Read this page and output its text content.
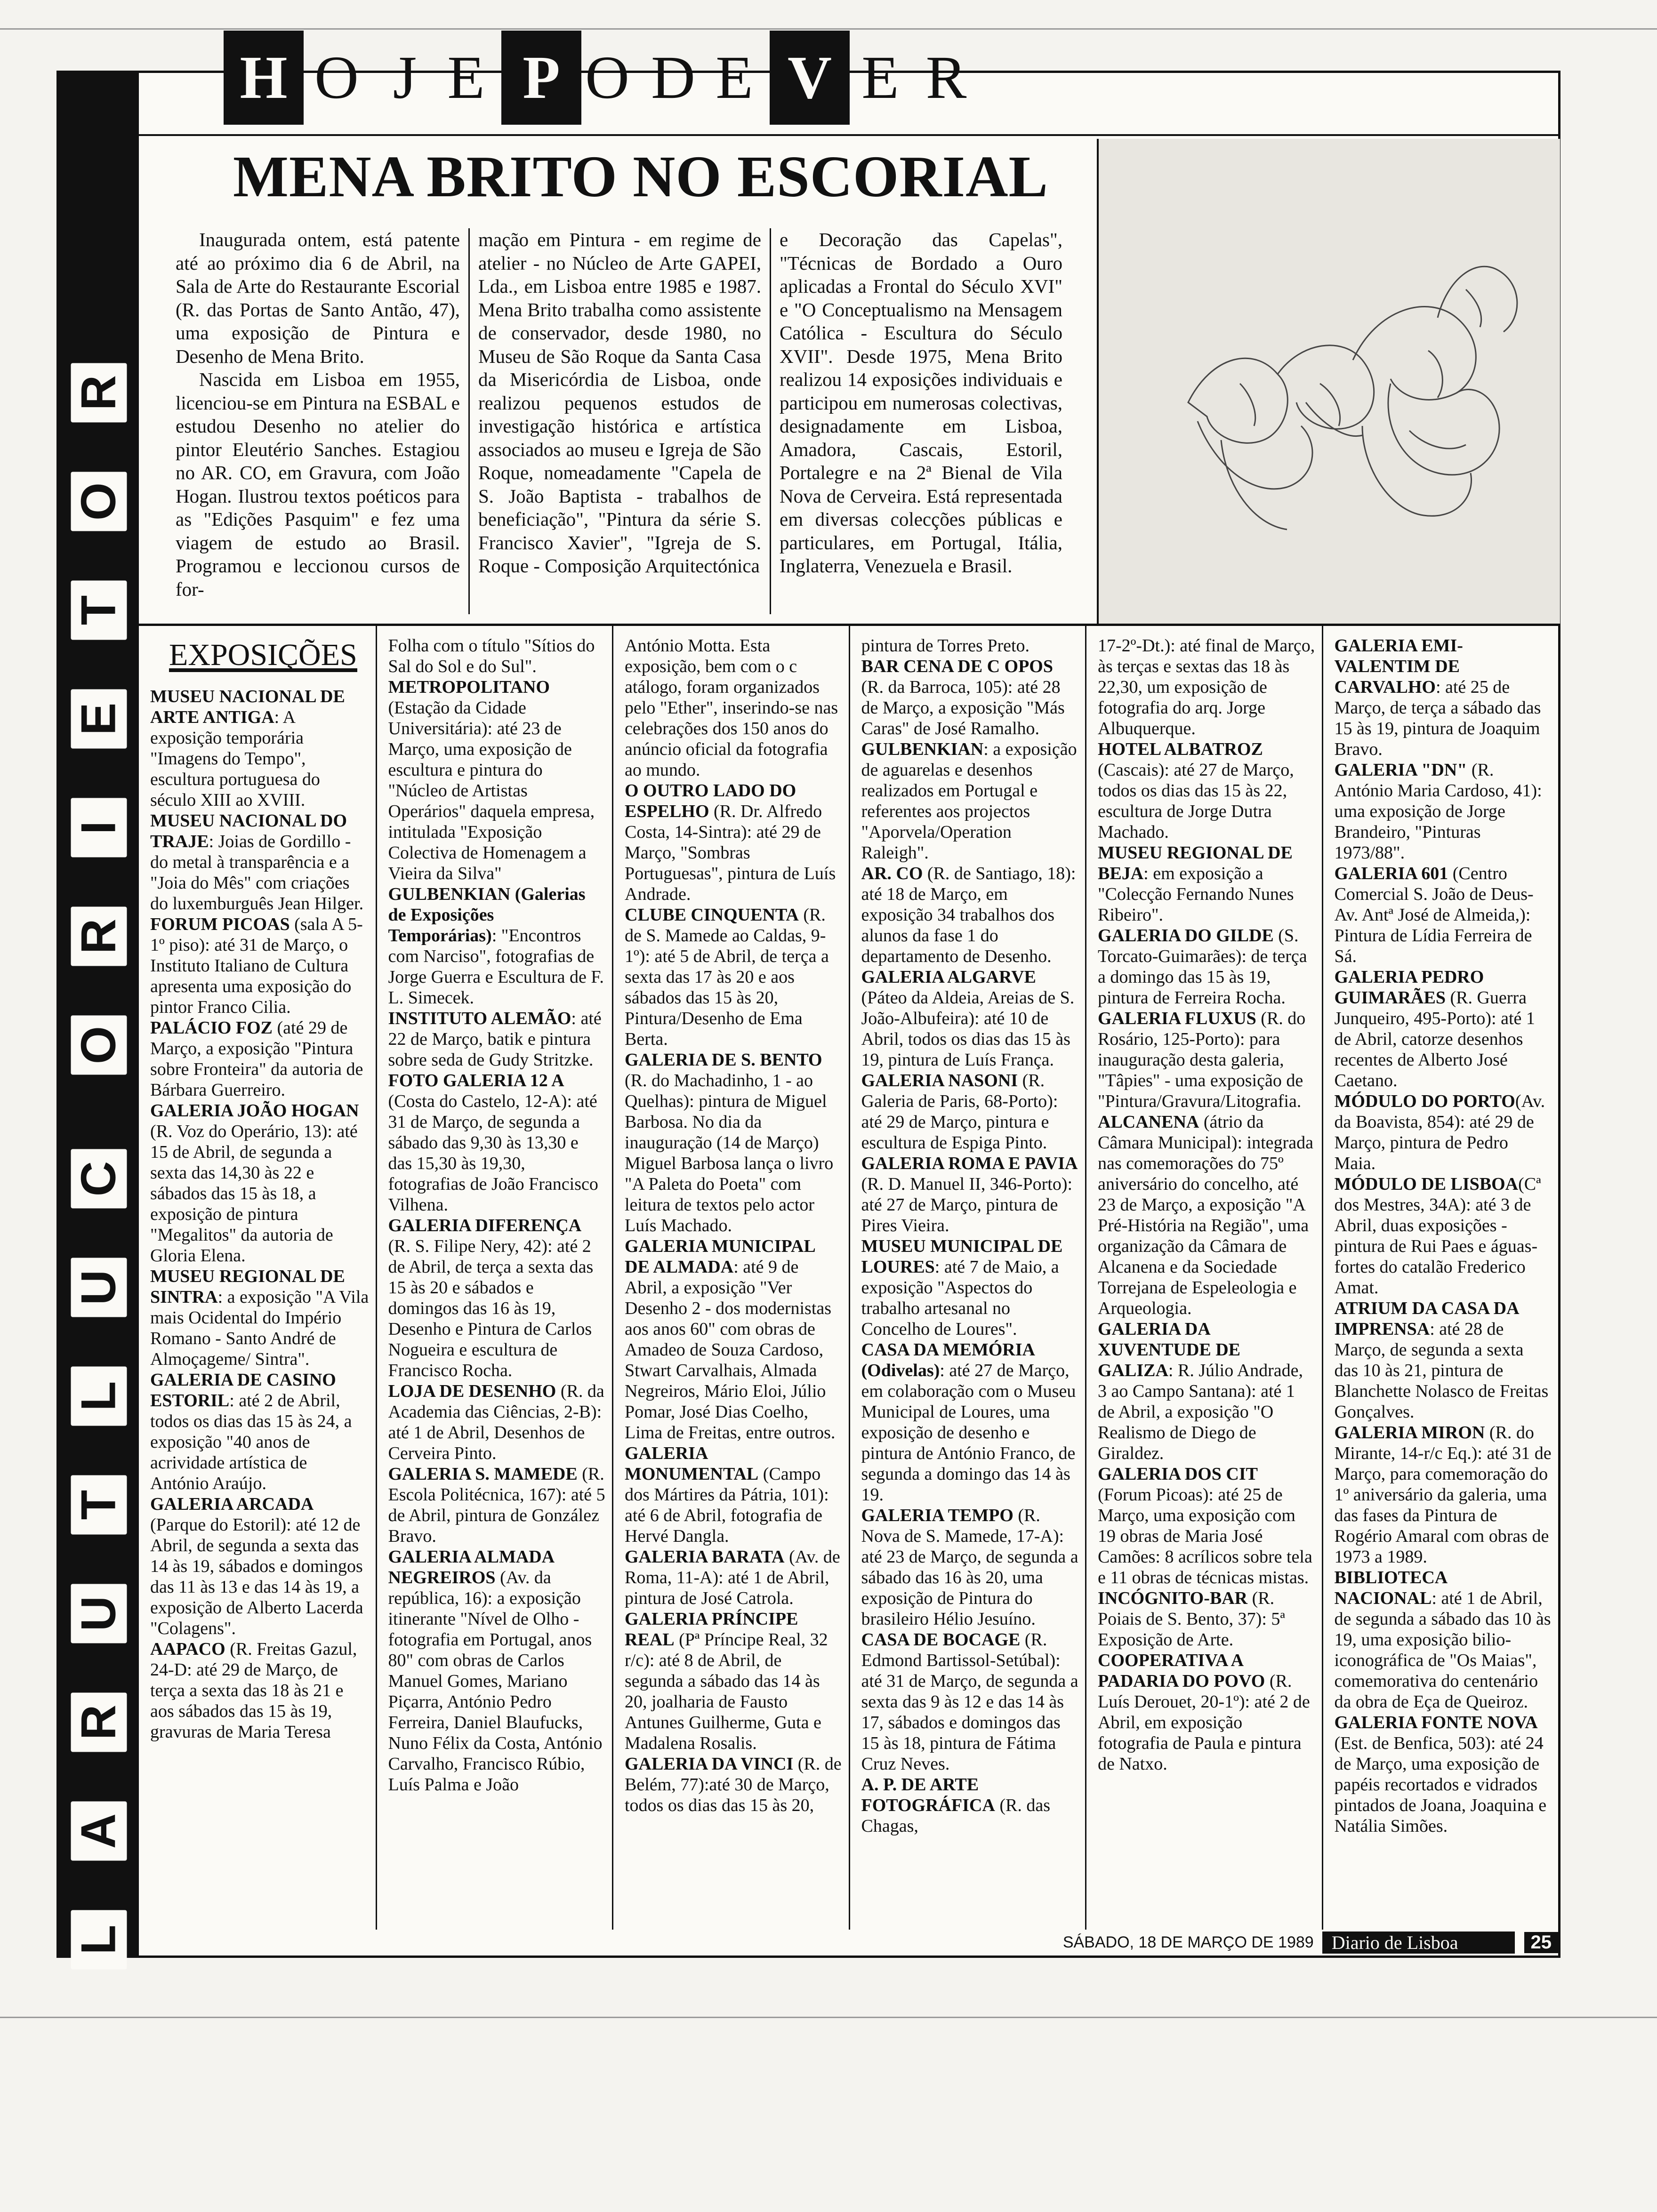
R
O
T
E
I
R
O
C
U
L
T
U
R
A
L
H O J E P O D E V E R
MENA BRITO NO ESCORIAL

Inaugurada ontem, está patente até ao próximo dia 6 de Abril, na Sala de Arte do Restaurante Escorial (R. das Portas de Santo Antão, 47), uma exposição de Pintura e Desenho de Mena Brito.

Nascida em Lisboa em 1955, licenciou-se em Pintura na ESBAL e estudou Desenho no atelier do pintor Eleutério Sanches. Estagiou no AR. CO, em Gravura, com João Hogan. Ilustrou textos poéticos para as "Edições Pasquim" e fez uma viagem de estudo ao Brasil. Programou e leccionou cursos de for-

mação em Pintura - em regime de atelier - no Núcleo de Arte GAPEI, Lda., em Lisboa entre 1985 e 1987. Mena Brito trabalha como assistente de conservador, desde 1980, no Museu de São Roque da Santa Casa da Misericórdia de Lisboa, onde realizou pequenos estudos de investigação histórica e artística associados ao museu e Igreja de São Roque, nomeadamente "Capela de S. João Baptista - trabalhos de beneficiação", "Pintura da série S. Francisco Xavier", "Igreja de S. Roque - Composição Arquitectónica

e Decoração das Capelas", "Técnicas de Bordado a Ouro aplicadas a Frontal do Século XVI" e "O Conceptualismo na Mensagem Católica - Escultura do Século XVII". Desde 1975, Mena Brito realizou 14 exposições individuais e participou em numerosas colectivas, designadamente em Lisboa, Amadora, Cascais, Estoril, Portalegre e na 2ª Bienal de Vila Nova de Cerveira. Está representada em diversas colecções públicas e particulares, em Portugal, Itália, Inglaterra, Venezuela e Brasil.

EXPOSIÇÕES

MUSEU NACIONAL DE ARTE ANTIGA: A exposição temporária "Imagens do Tempo", escultura portuguesa do século XIII ao XVIII.

MUSEU NACIONAL DO TRAJE: Joias de Gordillo - do metal à transparência e a "Joia do Mês" com criações do luxemburguês Jean Hilger.

FORUM PICOAS (sala A 5-1º piso): até 31 de Março, o Instituto Italiano de Cultura apresenta uma exposição do pintor Franco Cilia.

PALÁCIO FOZ (até 29 de Março, a exposição "Pintura sobre Fronteira" da autoria de Bárbara Guerreiro.

GALERIA JOÃO HOGAN (R. Voz do Operário, 13): até 15 de Abril, de segunda a sexta das 14,30 às 22 e sábados das 15 às 18, a exposição de pintura "Megalitos" da autoria de Gloria Elena.

MUSEU REGIONAL DE SINTRA: a exposição "A Vila mais Ocidental do Império Romano - Santo André de Almoçageme/ Sintra".

GALERIA DE CASINO ESTORIL: até 2 de Abril, todos os dias das 15 às 24, a exposição "40 anos de acrividade artística de António Araújo.

GALERIA ARCADA (Parque do Estoril): até 12 de Abril, de segunda a sexta das 14 às 19, sábados e domingos das 11 às 13 e das 14 às 19, a exposição de Alberto Lacerda "Colagens".

AAPACO (R. Freitas Gazul, 24-D: até 29 de Março, de terça a sexta das 18 às 21 e aos sábados das 15 às 19, gravuras de Maria Teresa

Folha com o título "Sítios do Sal do Sol e do Sul".

METROPOLITANO (Estação da Cidade Universitária): até 23 de Março, uma exposição de escultura e pintura do "Núcleo de Artistas Operários" daquela empresa, intitulada "Exposição Colectiva de Homenagem a Vieira da Silva"

GULBENKIAN (Galerias de Exposições Temporárias): "Encontros com Narciso", fotografias de Jorge Guerra e Escultura de F. L. Simecek.

INSTITUTO ALEMÃO: até 22 de Março, batik e pintura sobre seda de Gudy Stritzke.

FOTO GALERIA 12 A (Costa do Castelo, 12-A): até 31 de Março, de segunda a sábado das 9,30 às 13,30 e das 15,30 às 19,30, fotografias de João Francisco Vilhena.

GALERIA DIFERENÇA (R. S. Filipe Nery, 42): até 2 de Abril, de terça a sexta das 15 às 20 e sábados e domingos das 16 às 19, Desenho e Pintura de Carlos Nogueira e escultura de Francisco Rocha.

LOJA DE DESENHO (R. da Academia das Ciências, 2-B): até 1 de Abril, Desenhos de Cerveira Pinto.

GALERIA S. MAMEDE (R. Escola Politécnica, 167): até 5 de Abril, pintura de González Bravo.

GALERIA ALMADA NEGREIROS (Av. da república, 16): a exposição itinerante "Nível de Olho - fotografia em Portugal, anos 80" com obras de Carlos Manuel Gomes, Mariano Piçarra, António Pedro Ferreira, Daniel Blaufucks, Nuno Félix da Costa, António Carvalho, Francisco Rúbio, Luís Palma e João

António Motta. Esta exposição, bem com o c atálogo, foram organizados pelo "Ether", inserindo-se nas celebrações dos 150 anos do anúncio oficial da fotografia ao mundo.

O OUTRO LADO DO ESPELHO (R. Dr. Alfredo Costa, 14-Sintra): até 29 de Março, "Sombras Portuguesas", pintura de Luís Andrade.

CLUBE CINQUENTA (R. de S. Mamede ao Caldas, 9-1º): até 5 de Abril, de terça a sexta das 17 às 20 e aos sábados das 15 às 20, Pintura/Desenho de Ema Berta.

GALERIA DE S. BENTO (R. do Machadinho, 1 - ao Quelhas): pintura de Miguel Barbosa. No dia da inauguração (14 de Março) Miguel Barbosa lança o livro "A Paleta do Poeta" com leitura de textos pelo actor Luís Machado.

GALERIA MUNICIPAL DE ALMADA: até 9 de Abril, a exposição "Ver Desenho 2 - dos modernistas aos anos 60" com obras de Amadeo de Souza Cardoso, Stwart Carvalhais, Almada Negreiros, Mário Eloi, Júlio Pomar, José Dias Coelho, Lima de Freitas, entre outros.

GALERIA MONUMENTAL (Campo dos Mártires da Pátria, 101): até 6 de Abril, fotografia de Hervé Dangla.

GALERIA BARATA (Av. de Roma, 11-A): até 1 de Abril, pintura de José Catrola.

GALERIA PRÍNCIPE REAL (Pª Príncipe Real, 32 r/c): até 8 de Abril, de segunda a sábado das 14 às 20, joalharia de Fausto Antunes Guilherme, Guta e Madalena Rosalis.

GALERIA DA VINCI (R. de Belém, 77):até 30 de Março, todos os dias das 15 às 20,

pintura de Torres Preto.

BAR CENA DE C OPOS (R. da Barroca, 105): até 28 de Março, a exposição "Más Caras" de José Ramalho.

GULBENKIAN: a exposição de aguarelas e desenhos realizados em Portugal e referentes aos projectos "Aporvela/Operation Raleigh".

AR. CO (R. de Santiago, 18): até 18 de Março, em exposição 34 trabalhos dos alunos da fase 1 do departamento de Desenho.

GALERIA ALGARVE (Páteo da Aldeia, Areias de S. João-Albufeira): até 10 de Abril, todos os dias das 15 às 19, pintura de Luís França.

GALERIA NASONI (R. Galeria de Paris, 68-Porto): até 29 de Março, pintura e escultura de Espiga Pinto.

GALERIA ROMA E PAVIA (R. D. Manuel II, 346-Porto): até 27 de Março, pintura de Pires Vieira.

MUSEU MUNICIPAL DE LOURES: até 7 de Maio, a exposição "Aspectos do trabalho artesanal no Concelho de Loures".

CASA DA MEMÓRIA (Odivelas): até 27 de Março, em colaboração com o Museu Municipal de Loures, uma exposição de desenho e pintura de António Franco, de segunda a domingo das 14 às 19.

GALERIA TEMPO (R. Nova de S. Mamede, 17-A): até 23 de Março, de segunda a sábado das 16 às 20, uma exposição de Pintura do brasileiro Hélio Jesuíno.

CASA DE BOCAGE (R. Edmond Bartissol-Setúbal): até 31 de Março, de segunda a sexta das 9 às 12 e das 14 às 17, sábados e domingos das 15 às 18, pintura de Fátima Cruz Neves.

A. P. DE ARTE FOTOGRÁFICA (R. das Chagas,

17-2º-Dt.): até final de Março, às terças e sextas das 18 às 22,30, um exposição de fotografia do arq. Jorge Albuquerque.

HOTEL ALBATROZ (Cascais): até 27 de Março, todos os dias das 15 às 22, escultura de Jorge Dutra Machado.

MUSEU REGIONAL DE BEJA: em exposição a "Colecção Fernando Nunes Ribeiro".

GALERIA DO GILDE (S. Torcato-Guimarães): de terça a domingo das 15 às 19, pintura de Ferreira Rocha.

GALERIA FLUXUS (R. do Rosário, 125-Porto): para inauguração desta galeria, "Tâpies" - uma exposição de "Pintura/Gravura/Litografia.

ALCANENA (átrio da Câmara Municipal): integrada nas comemorações do 75º aniversário do concelho, até 23 de Março, a exposição "A Pré-História na Região", uma organização da Câmara de Alcanena e da Sociedade Torrejana de Espeleologia e Arqueologia.

GALERIA DA XUVENTUDE DE GALIZA: R. Júlio Andrade, 3 ao Campo Santana): até 1 de Abril, a exposição "O Realismo de Diego de Giraldez.

GALERIA DOS CIT (Forum Picoas): até 25 de Março, uma exposição com 19 obras de Maria José Camões: 8 acrílicos sobre tela e 11 obras de técnicas mistas.

INCÓGNITO-BAR (R. Poiais de S. Bento, 37): 5ª Exposição de Arte.

COOPERATIVA A PADARIA DO POVO (R. Luís Derouet, 20-1º): até 2 de Abril, em exposição fotografia de Paula e pintura de Natxo.

GALERIA EMI-VALENTIM DE CARVALHO: até 25 de Março, de terça a sábado das 15 às 19, pintura de Joaquim Bravo.

GALERIA "DN" (R. António Maria Cardoso, 41): uma exposição de Jorge Brandeiro, "Pinturas 1973/88".

GALERIA 601 (Centro Comercial S. João de Deus-Av. Antª José de Almeida,): Pintura de Lídia Ferreira de Sá.

GALERIA PEDRO GUIMARÃES (R. Guerra Junqueiro, 495-Porto): até 1 de Abril, catorze desenhos recentes de Alberto José Caetano.

MÓDULO DO PORTO(Av. da Boavista, 854): até 29 de Março, pintura de Pedro Maia.

MÓDULO DE LISBOA(Cª dos Mestres, 34A): até 3 de Abril, duas exposições - pintura de Rui Paes e águas-fortes do catalão Frederico Amat.

ATRIUM DA CASA DA IMPRENSA: até 28 de Março, de segunda a sexta das 10 às 21, pintura de Blanchette Nolasco de Freitas Gonçalves.

GALERIA MIRON (R. do Mirante, 14-r/c Eq.): até 31 de Março, para comemoração do 1º aniversário da galeria, uma das fases da Pintura de Rogério Amaral com obras de 1973 a 1989.

BIBLIOTECA NACIONAL: até 1 de Abril, de segunda a sábado das 10 às 19, uma exposição bilio-iconográfica de "Os Maias", comemorativa do centenário da obra de Eça de Queiroz.

GALERIA FONTE NOVA (Est. de Benfica, 503): até 24 de Março, uma exposição de papéis recortados e vidrados pintados de Joana, Joaquina e Natália Simões.

SÁBADO, 18 DE MARÇO DE 1989 Diario de Lisboa	25
